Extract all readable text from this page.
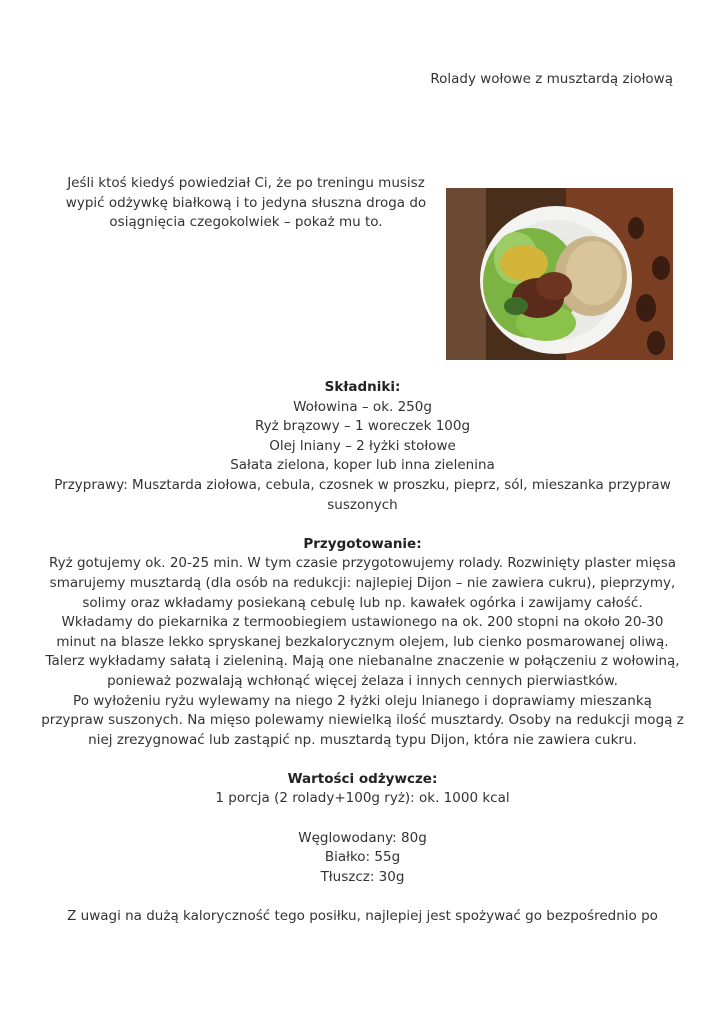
Rolady wołowe z musztardą ziołową
Jeśli ktoś kiedyś powiedział Ci, że po treningu musisz wypić odżywkę białkową i to jedyna słuszna droga do osiągnięcia czegokolwiek – pokaż mu to.

Składniki:

Wołowina – ok. 250g

Ryż brązowy – 1 woreczek 100g

Olej lniany – 2 łyżki stołowe

Sałata zielona, koper lub inna zielenina

Przyprawy: Musztarda ziołowa, cebula, czosnek w proszku, pieprz, sól, mieszanka przypraw suszonych

Przygotowanie:

Ryż gotujemy ok. 20-25 min. W tym czasie przygotowujemy rolady. Rozwinięty plaster mięsa smarujemy musztardą (dla osób na redukcji: najlepiej Dijon – nie zawiera cukru), pieprzymy, solimy oraz wkładamy posiekaną cebulę lub np. kawałek ogórka i zawijamy całość.

Wkładamy do piekarnika z termoobiegiem ustawionego na ok. 200 stopni na około 20-30 minut na blasze lekko spryskanej bezkalorycznym olejem, lub cienko posmarowanej oliwą.

Talerz wykładamy sałatą i zieleniną. Mają one niebanalne znaczenie w połączeniu z wołowiną, ponieważ pozwalają wchłonąć więcej żelaza i innych cennych pierwiastków.

Po wyłożeniu ryżu wylewamy na niego 2 łyżki oleju lnianego i doprawiamy mieszanką przypraw suszonych. Na mięso polewamy niewielką ilość musztardy. Osoby na redukcji mogą z niej zrezygnować lub zastąpić np. musztardą typu Dijon, która nie zawiera cukru.

Wartości odżywcze:

1 porcja (2 rolady+100g ryż): ok. 1000 kcal

Węglowodany: 80g

Białko: 55g

Tłuszcz: 30g

Z uwagi na dużą kaloryczność tego posiłku, najlepiej jest spożywać go bezpośrednio po
